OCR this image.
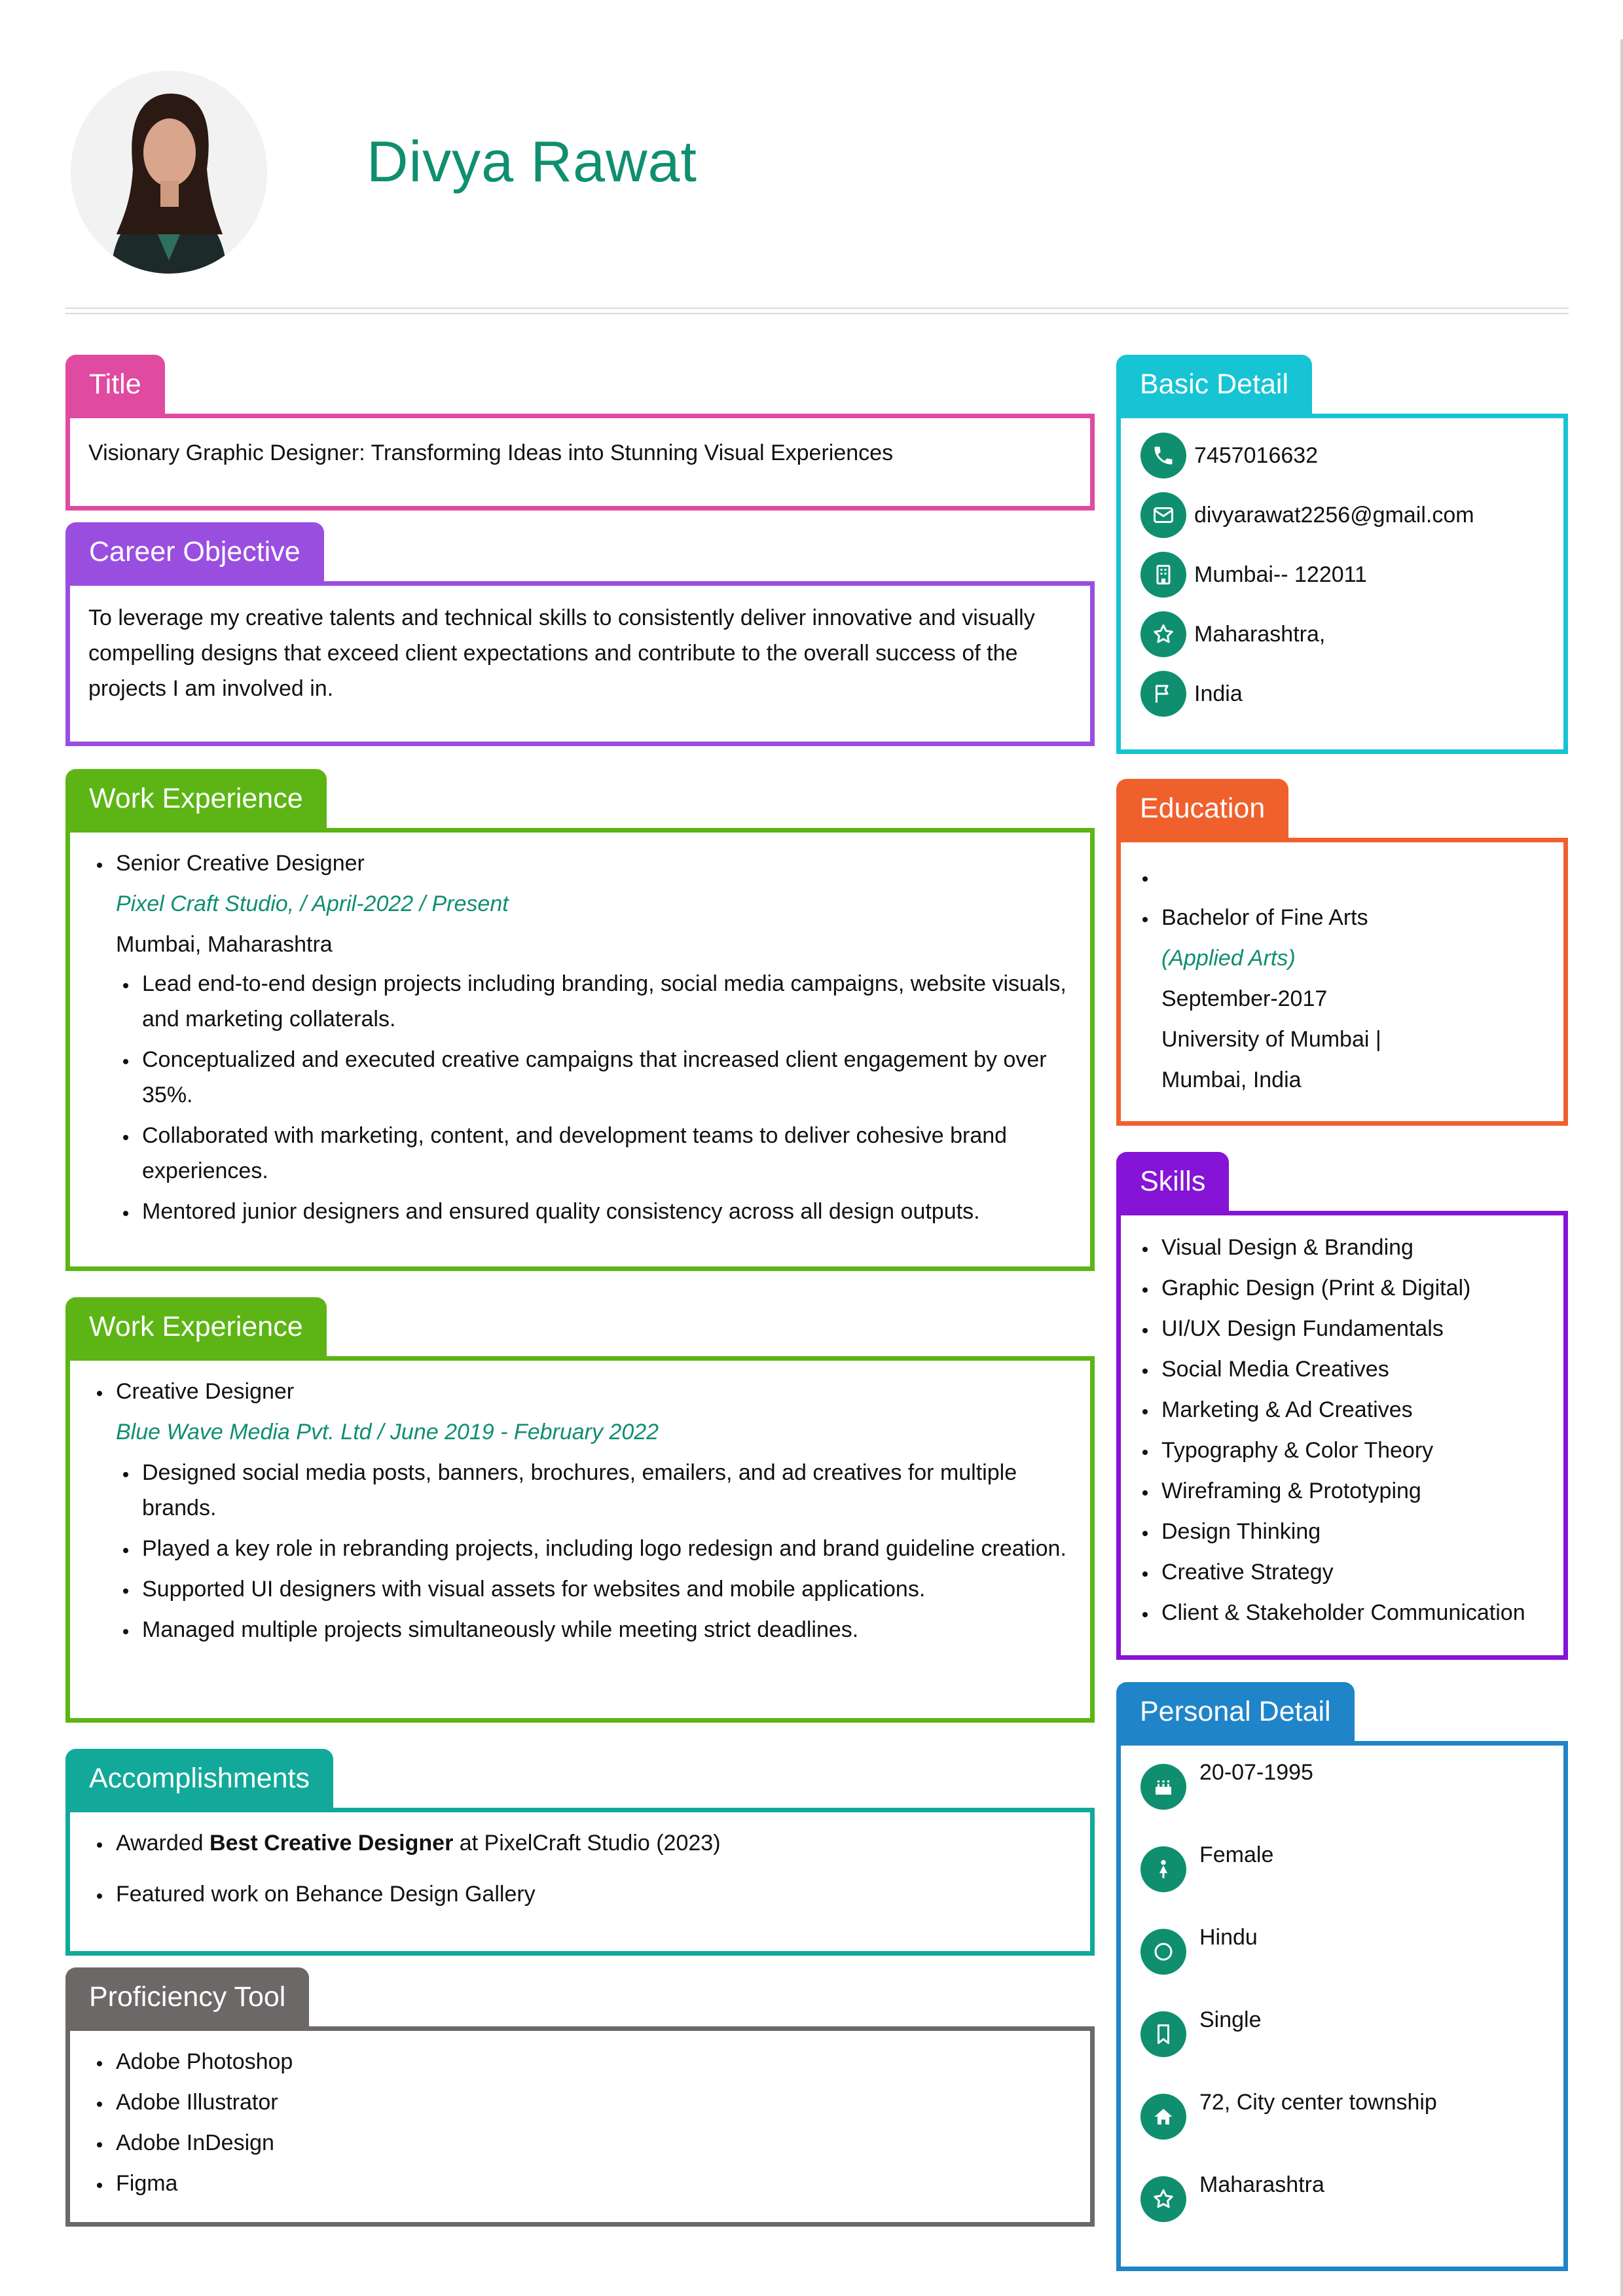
Divya Rawat
Title
Visionary Graphic Designer: Transforming Ideas into Stunning Visual Experiences
Career Objective
To leverage my creative talents and technical skills to consistently deliver innovative and visually compelling designs that exceed client expectations and contribute to the overall success of the projects I am involved in.
Work Experience
• Senior Creative Designer
Pixel Craft Studio, / April-2022 / Present
Mumbai, Maharashtra
• Lead end-to-end design projects including branding, social media campaigns, website visuals, and marketing collaterals.
• Conceptualized and executed creative campaigns that increased client engagement by over 35%.
• Collaborated with marketing, content, and development teams to deliver cohesive brand experiences.
• Mentored junior designers and ensured quality consistency across all design outputs.
Work Experience
• Creative Designer
Blue Wave Media Pvt. Ltd / June 2019 - February 2022
• Designed social media posts, banners, brochures, emailers, and ad creatives for multiple brands.
• Played a key role in rebranding projects, including logo redesign and brand guideline creation.
• Supported UI designers with visual assets for websites and mobile applications.
• Managed multiple projects simultaneously while meeting strict deadlines.
Accomplishments
• Awarded Best Creative Designer at PixelCraft Studio (2023)
• Featured work on Behance Design Gallery
Proficiency Tool
• Adobe Photoshop
• Adobe Illustrator
• Adobe InDesign
• Figma
Basic Detail
7457016632
divyarawat2256@gmail.com
Mumbai-- 122011
Maharashtra,
India
Education
•
• Bachelor of Fine Arts
(Applied Arts)
September-2017
University of Mumbai |
Mumbai, India
Skills
• Visual Design & Branding
• Graphic Design (Print & Digital)
• UI/UX Design Fundamentals
• Social Media Creatives
• Marketing & Ad Creatives
• Typography & Color Theory
• Wireframing & Prototyping
• Design Thinking
• Creative Strategy
• Client & Stakeholder Communication
Personal Detail
20-07-1995
Female
Hindu
Single
72, City center township
Maharashtra
